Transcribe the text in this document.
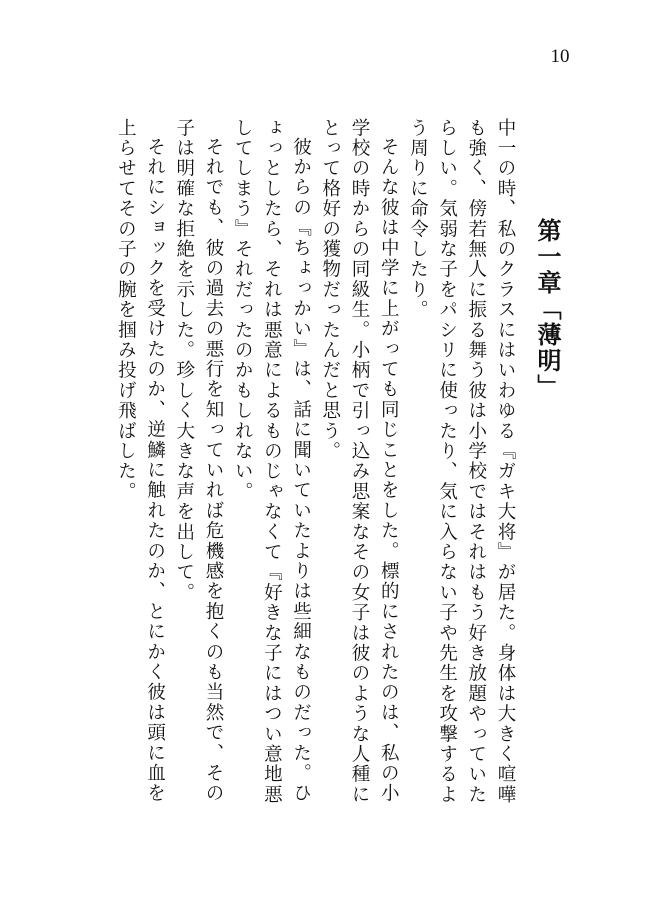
10
第一章「薄明」

中一の時、私のクラスにはいわゆる『ガキ大将』が居た。身体は大きく喧嘩も強く、傍若無人に振る舞う彼は小学校ではそれはもう好き放題やっていたらしい。気弱な子をパシリに使ったり、気に入らない子や先生を攻撃するよう周りに命令したり。

そんな彼は中学に上がっても同じことをした。標的にされたのは、私の小学校の時からの同級生。小柄で引っ込み思案なその女子は彼のような人種にとって格好の獲物だったんだと思う。

彼からの『ちょっかい』は、話に聞いていたよりは些細なものだった。ひょっとしたら、それは悪意によるものじゃなくて『好きな子にはつい意地悪してしまう』それだったのかもしれない。

それでも、彼の過去の悪行を知っていれば危機感を抱くのも当然で、その子は明確な拒絶を示した。珍しく大きな声を出して。

それにショックを受けたのか、逆鱗に触れたのか、とにかく彼は頭に血を上らせてその子の腕を掴み投げ飛ばした。
